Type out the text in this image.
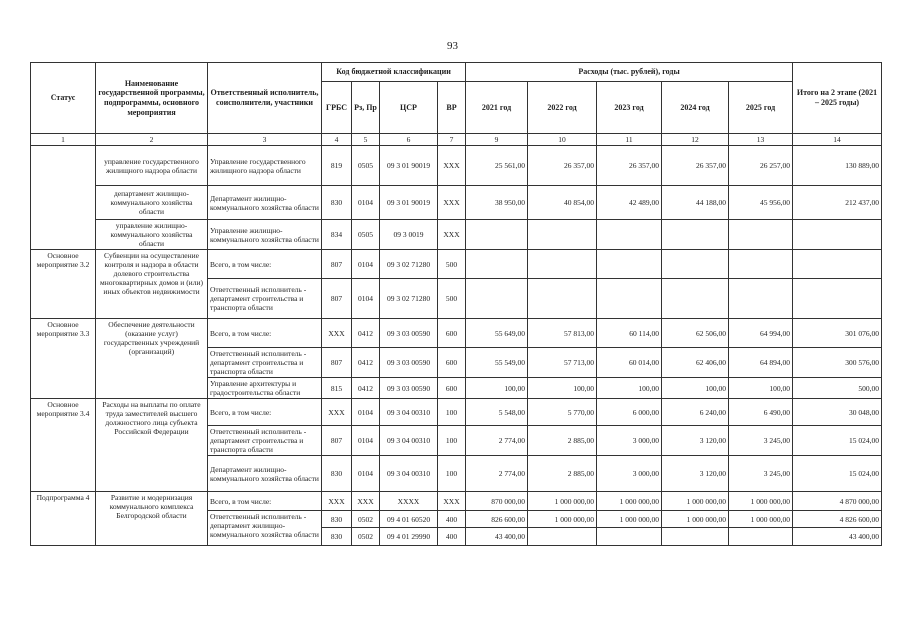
93
Статус	Наименование государственной программы, подпрограммы, основного мероприятия	Ответственный исполнитель, соисполнители, участники	Код бюджетной классификации				Расходы (тыс. рублей), годы					Итого на 2 этапе (2021 – 2025 годы)
			ГРБС	Рз, Пр	ЦСР	ВР	2021 год	2022 год	2023 год	2024 год	2025 год	
1	2	3	4	5	6	7	9	10	11	12	13	14
	управление государственного жилищного надзора области	Управление государственного жилищного надзора области	819	0505	09 3 01 90019	XXX	25 561,00	26 357,00	26 357,00	26 357,00	26 257,00	130 889,00
	департамент жилищно-коммунального хозяйства области	Департамент жилищно-коммунального хозяйства области	830	0104	09 3 01 90019	XXX	38 950,00	40 854,00	42 489,00	44 188,00	45 956,00	212 437,00
	управление жилищно-коммунального хозяйства области	Управление жилищно-коммунального хозяйства области	834	0505	09 3 0019	XXX						
Основное мероприятие 3.2	Субвенции на осуществление контроля и надзора в области долевого строительства многоквартирных домов и (или) иных объектов недвижимости	Всего, в том числе:	807	0104	09 3 02 71280	500						
		Ответственный исполнитель - департамент строительства и транспорта области	807	0104	09 3 02 71280	500						
Основное мероприятие 3.3	Обеспечение деятельности (оказание услуг) государственных учреждений (организаций)	Всего, в том числе:	XXX	0412	09 3 03 00590	600	55 649,00	57 813,00	60 114,00	62 506,00	64 994,00	301 076,00
		Ответственный исполнитель - департамент строительства и транспорта области	807	0412	09 3 03 00590	600	55 549,00	57 713,00	60 014,00	62 406,00	64 894,00	300 576,00
		Управление архитектуры и градостроительства области	815	0412	09 3 03 00590	600	100,00	100,00	100,00	100,00	100,00	500,00
Основное мероприятие 3.4	Расходы на выплаты по оплате труда заместителей высшего должностного лица субъекта Российской Федерации	Всего, в том числе:	XXX	0104	09 3 04 00310	100	5 548,00	5 770,00	6 000,00	6 240,00	6 490,00	30 048,00
		Ответственный исполнитель - департамент строительства и транспорта области	807	0104	09 3 04 00310	100	2 774,00	2 885,00	3 000,00	3 120,00	3 245,00	15 024,00
		Департамент жилищно-коммунального хозяйства области	830	0104	09 3 04 00310	100	2 774,00	2 885,00	3 000,00	3 120,00	3 245,00	15 024,00
Подпрограмма 4	Развитие и модернизация коммунального комплекса Белгородской области	Всего, в том числе:	XXX	XXX	XXXX	XXX	870 000,00	1 000 000,00	1 000 000,00	1 000 000,00	1 000 000,00	4 870 000,00
		Ответственный исполнитель - департамент жилищно-коммунального хозяйства области	830	0502	09 4 01 60520	400	826 600,00	1 000 000,00	1 000 000,00	1 000 000,00	1 000 000,00	4 826 600,00
			830	0502	09 4 01 29990	400	43 400,00					43 400,00
